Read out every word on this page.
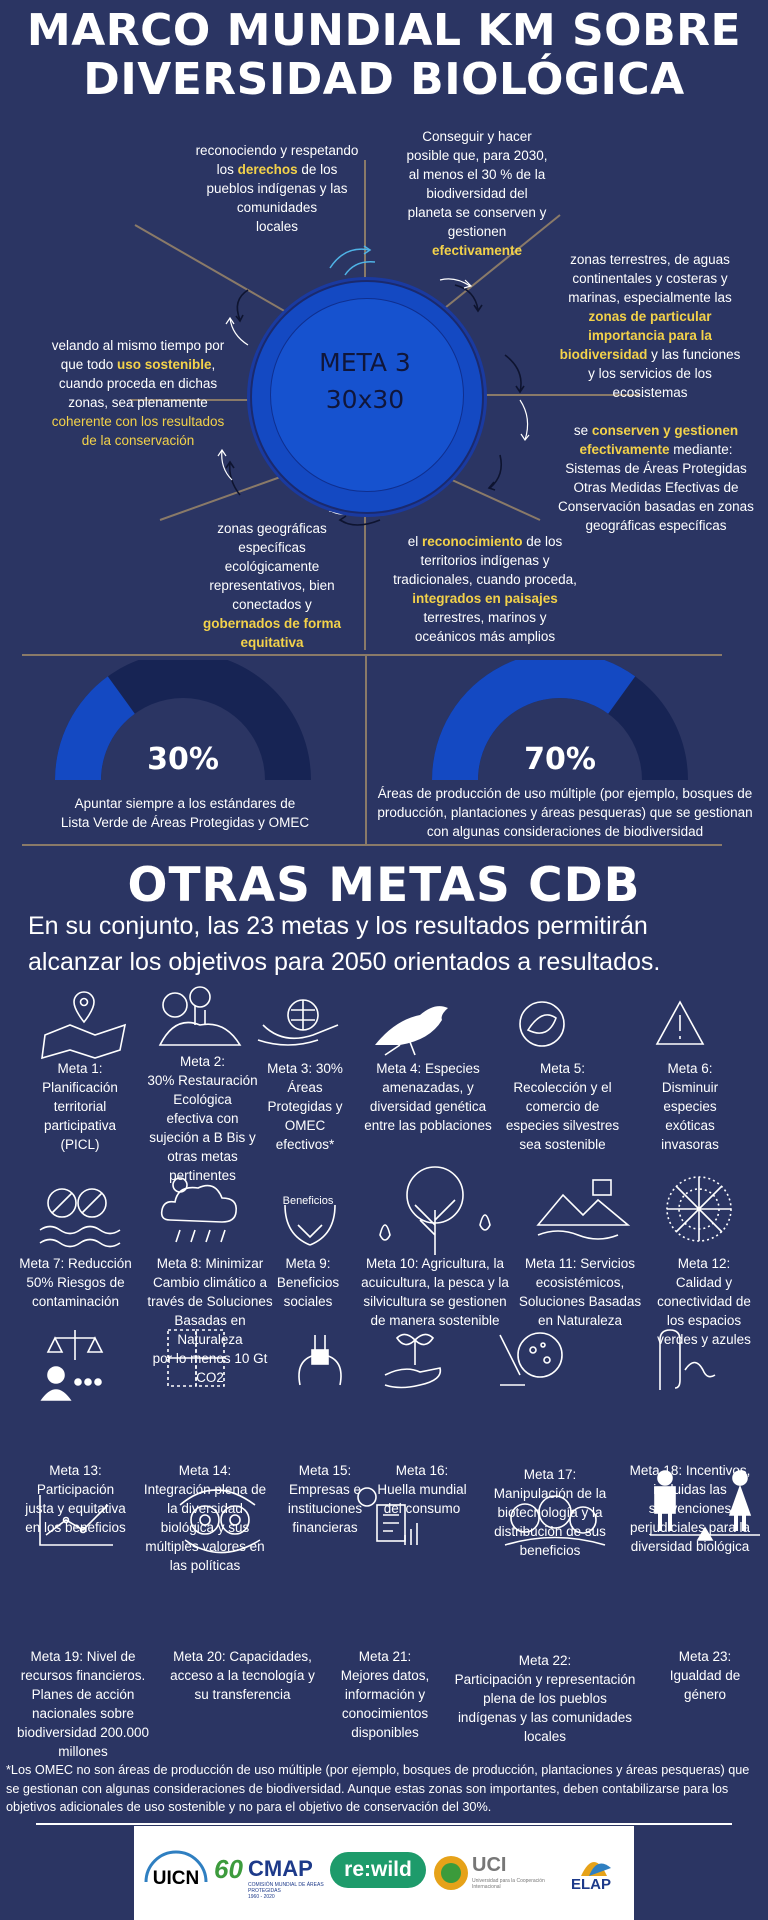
MARCO MUNDIAL KM SOBRE
DIVERSIDAD BIOLÓGICA
META 3
30x30
reconociendo y respetando
los derechos de los
pueblos indígenas y las
comunidades
locales
Conseguir y hacer
posible que, para 2030,
al menos el 30 % de la
biodiversidad del
planeta se conserven y
gestionen
efectivamente
zonas terrestres, de aguas
continentales y costeras y
marinas, especialmente las
zonas de particular
importancia para la
biodiversidad y las funciones
y los servicios de los
ecosistemas
velando al mismo tiempo por
que todo uso sostenible,
cuando proceda en dichas
zonas, sea plenamente
coherente con los resultados
de la conservación
se conserven y gestionen
efectivamente mediante:
Sistemas de Áreas Protegidas
Otras Medidas Efectivas de
Conservación basadas en zonas
geográficas específicas
zonas geográficas
específicas
ecológicamente
representativos, bien
conectados y
gobernados de forma
equitativa
el reconocimiento de los
territorios indígenas y
tradicionales, cuando proceda,
integrados en paisajes
terrestres, marinos y
oceánicos más amplios
30%	70%
Apuntar siempre a los estándares de
Lista Verde de Áreas Protegidas y OMEC
Áreas de producción de uso múltiple (por ejemplo, bosques de
producción, plantaciones y áreas pesqueras) que se gestionan
con algunas consideraciones de biodiversidad
OTRAS METAS CDB
En su conjunto, las 23 metas y los resultados permitirán
alcanzar los objetivos para 2050 orientados a resultados.
Beneficios
Meta 1:
Planificación
territorial
participativa
(PICL)
Meta 2:
30% Restauración
Ecológica
efectiva con
sujeción a B Bis y
otras metas
pertinentes
Meta 3: 30%
Áreas
Protegidas y
OMEC
efectivos*
Meta 4: Especies
amenazadas, y
diversidad genética
entre las poblaciones
Meta 5:
Recolección y el
comercio de
especies silvestres
sea sostenible
Meta 6:
Disminuir
especies
exóticas
invasoras
Meta 7: Reducción
50% Riesgos de
contaminación
Meta 8: Minimizar
Cambio climático a
través de Soluciones
Basadas en
Naturaleza
por lo menos 10 Gt
CO2
Meta 9:
Beneficios
sociales
Meta 10: Agricultura, la
acuicultura, la pesca y la
silvicultura se gestionen
de manera sostenible
Meta 11: Servicios
ecosistémicos,
Soluciones Basadas
en Naturaleza
Meta 12:
Calidad y
conectividad de
los espacios
verdes y azules
Meta 13:
Participación
justa y equitativa
en los beneficios
Meta 14:
Integración plena de
la diversidad
biológica y sus
múltiples valores en
las políticas
Meta 15:
Empresas e
instituciones
financieras
Meta 16:
Huella mundial
del consumo
Meta 17:
Manipulación de la
biotecnología y la
distribución de sus
beneficios
Meta 18: Incentivos,
incluidas las
subvenciones
perjudiciales para la
diversidad biológica
Meta 19: Nivel de
recursos financieros.
Planes de acción
nacionales sobre
biodiversidad 200.000
millones
Meta 20: Capacidades,
acceso a la tecnología y
su transferencia
Meta 21:
Mejores datos,
información y
conocimientos
disponibles
Meta 22:
Participación y representación
plena de los pueblos
indígenas y las comunidades
locales
Meta 23:
Igualdad de
género
*Los OMEC no son áreas de producción de uso múltiple (por ejemplo, bosques de producción, plantaciones y áreas pesqueras) que se gestionan con algunas consideraciones de biodiversidad. Aunque estas zonas son importantes, deben contabilizarse para los objetivos adicionales de uso sostenible y no para el objetivo de conservación del 30%.
UICN 60 CMAP
COMISIÓN MUNDIAL DE ÁREAS PROTEGIDAS
1960 - 2020
re:wild	UCI
Universidad para la Cooperación Internacional	ELAP
